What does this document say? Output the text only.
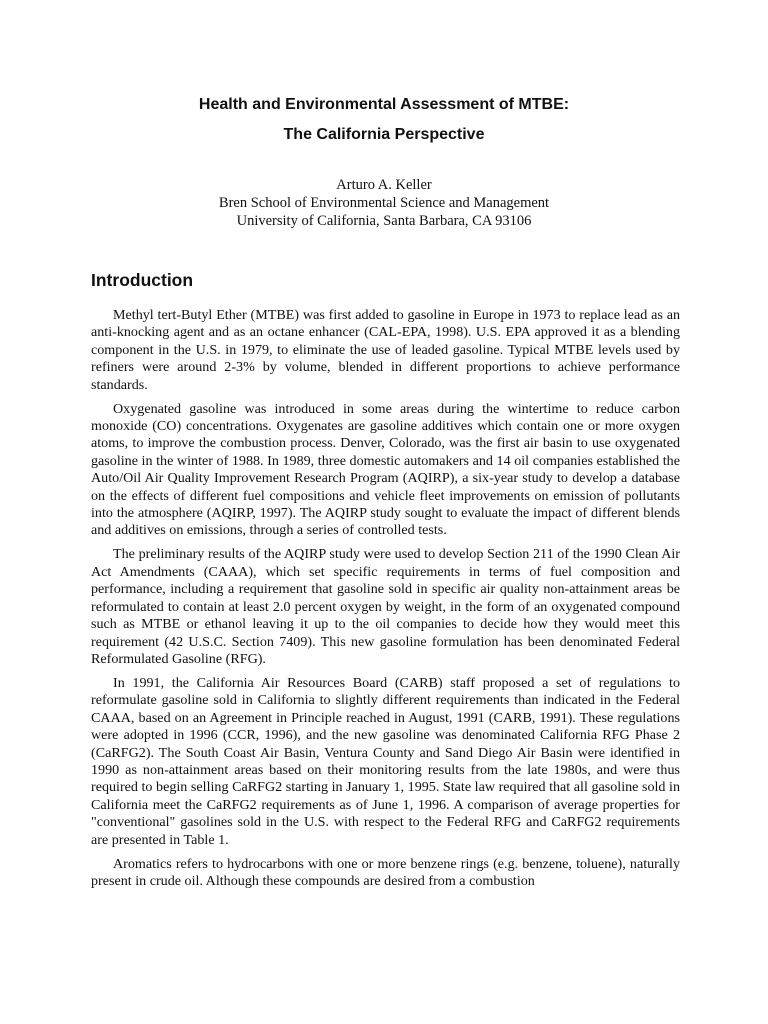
Health and Environmental Assessment of MTBE:
The California Perspective
Arturo A. Keller
Bren School of Environmental Science and Management
University of California, Santa Barbara, CA 93106
Introduction

Methyl tert-Butyl Ether (MTBE) was first added to gasoline in Europe in 1973 to replace lead as an anti-knocking agent and as an octane enhancer (CAL-EPA, 1998). U.S. EPA approved it as a blending component in the U.S. in 1979, to eliminate the use of leaded gasoline. Typical MTBE levels used by refiners were around 2-3% by volume, blended in different proportions to achieve performance standards.

Oxygenated gasoline was introduced in some areas during the wintertime to reduce carbon monoxide (CO) concentrations. Oxygenates are gasoline additives which contain one or more oxygen atoms, to improve the combustion process. Denver, Colorado, was the first air basin to use oxygenated gasoline in the winter of 1988. In 1989, three domestic automakers and 14 oil companies established the Auto/Oil Air Quality Improvement Research Program (AQIRP), a six-year study to develop a database on the effects of different fuel compositions and vehicle fleet improvements on emission of pollutants into the atmosphere (AQIRP, 1997). The AQIRP study sought to evaluate the impact of different blends and additives on emissions, through a series of controlled tests.

The preliminary results of the AQIRP study were used to develop Section 211 of the 1990 Clean Air Act Amendments (CAAA), which set specific requirements in terms of fuel composition and performance, including a requirement that gasoline sold in specific air quality non-attainment areas be reformulated to contain at least 2.0 percent oxygen by weight, in the form of an oxygenated compound such as MTBE or ethanol leaving it up to the oil companies to decide how they would meet this requirement (42 U.S.C. Section 7409). This new gasoline formulation has been denominated Federal Reformulated Gasoline (RFG).

In 1991, the California Air Resources Board (CARB) staff proposed a set of regulations to reformulate gasoline sold in California to slightly different requirements than indicated in the Federal CAAA, based on an Agreement in Principle reached in August, 1991 (CARB, 1991). These regulations were adopted in 1996 (CCR, 1996), and the new gasoline was denominated California RFG Phase 2 (CaRFG2). The South Coast Air Basin, Ventura County and Sand Diego Air Basin were identified in 1990 as non-attainment areas based on their monitoring results from the late 1980s, and were thus required to begin selling CaRFG2 starting in January 1, 1995. State law required that all gasoline sold in California meet the CaRFG2 requirements as of June 1, 1996. A comparison of average properties for "conventional" gasolines sold in the U.S. with respect to the Federal RFG and CaRFG2 requirements are presented in Table 1.

Aromatics refers to hydrocarbons with one or more benzene rings (e.g. benzene, toluene), naturally present in crude oil. Although these compounds are desired from a combustion
